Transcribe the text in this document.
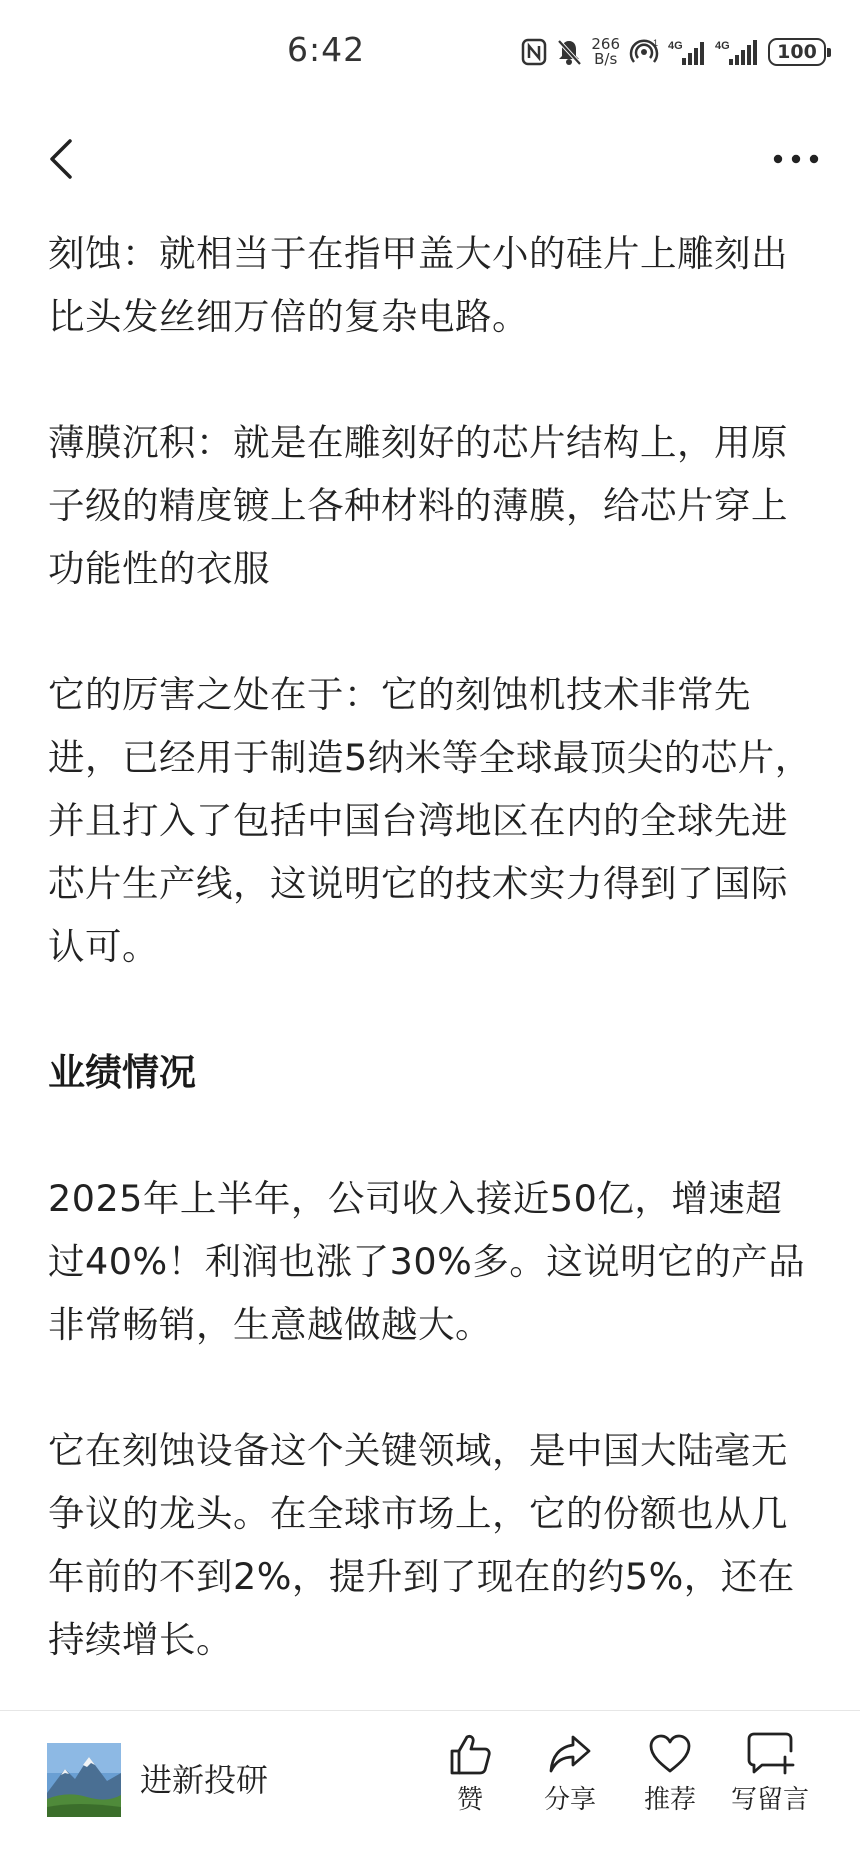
6:42	266
B/s
1 4G	4G	100

刻蚀：就相当于在指甲盖大小的硅片上雕刻出比头发丝细万倍的复杂电路。

薄膜沉积：就是在雕刻好的芯片结构上，用原子级的精度镀上各种材料的薄膜，给芯片穿上功能性的衣服

它的厉害之处在于：它的刻蚀机技术非常先进，已经用于制造5纳米等全球最顶尖的芯片，并且打入了包括中国台湾地区在内的全球先进芯片生产线，这说明它的技术实力得到了国际认可。

业绩情况

2025年上半年，公司收入接近50亿，增速超过40%！利润也涨了30%多。这说明它的产品非常畅销，生意越做越大。

它在刻蚀设备这个关键领域，是中国大陆毫无争议的龙头。在全球市场上，它的份额也从几年前的不到2%，提升到了现在的约5%，还在持续增长。

进新投研
赞 分享 推荐 写留言
